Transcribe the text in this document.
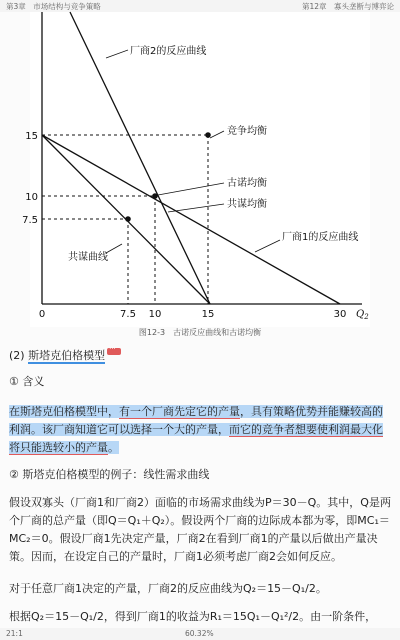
第3章　市场结构与竞争策略	第12章　寡头垄断与博弈论
厂商2的反应曲线
竞争均衡
古诺均衡
共谋均衡
厂商1的反应曲线
共谋曲线
15
10
7.5
0	7.5 10	15	30 $Q_2$
图12-3　古诺反应曲线和古诺均衡
(2) 斯塔克伯格模型···
① 含义
在斯塔克伯格模型中，有一个厂商先定它的产量，具有策略优势并能赚较高的利润。该厂商知道它可以选择一个大的产量，而它的竞争者想要使利润最大化将只能选较小的产量。
② 斯塔克伯格模型的例子：线性需求曲线
假设双寡头（厂商1和厂商2）面临的市场需求曲线为P＝30－Q。其中，Q是两个厂商的总产量（即Q＝Q₁＋Q₂）。假设两个厂商的边际成本都为零，即MC₁＝MC₂＝0。假设厂商1先决定产量，厂商2在看到厂商1的产量以后做出产量决策。因而，在设定自己的产量时，厂商1必须考虑厂商2会如何反应。
对于任意厂商1决定的产量，厂商2的反应曲线为Q₂＝15－Q₁/2。
根据Q₂＝15－Q₁/2，得到厂商1的收益为R₁＝15Q₁－Q₁²/2。由一阶条件，
21:1	60.32%
